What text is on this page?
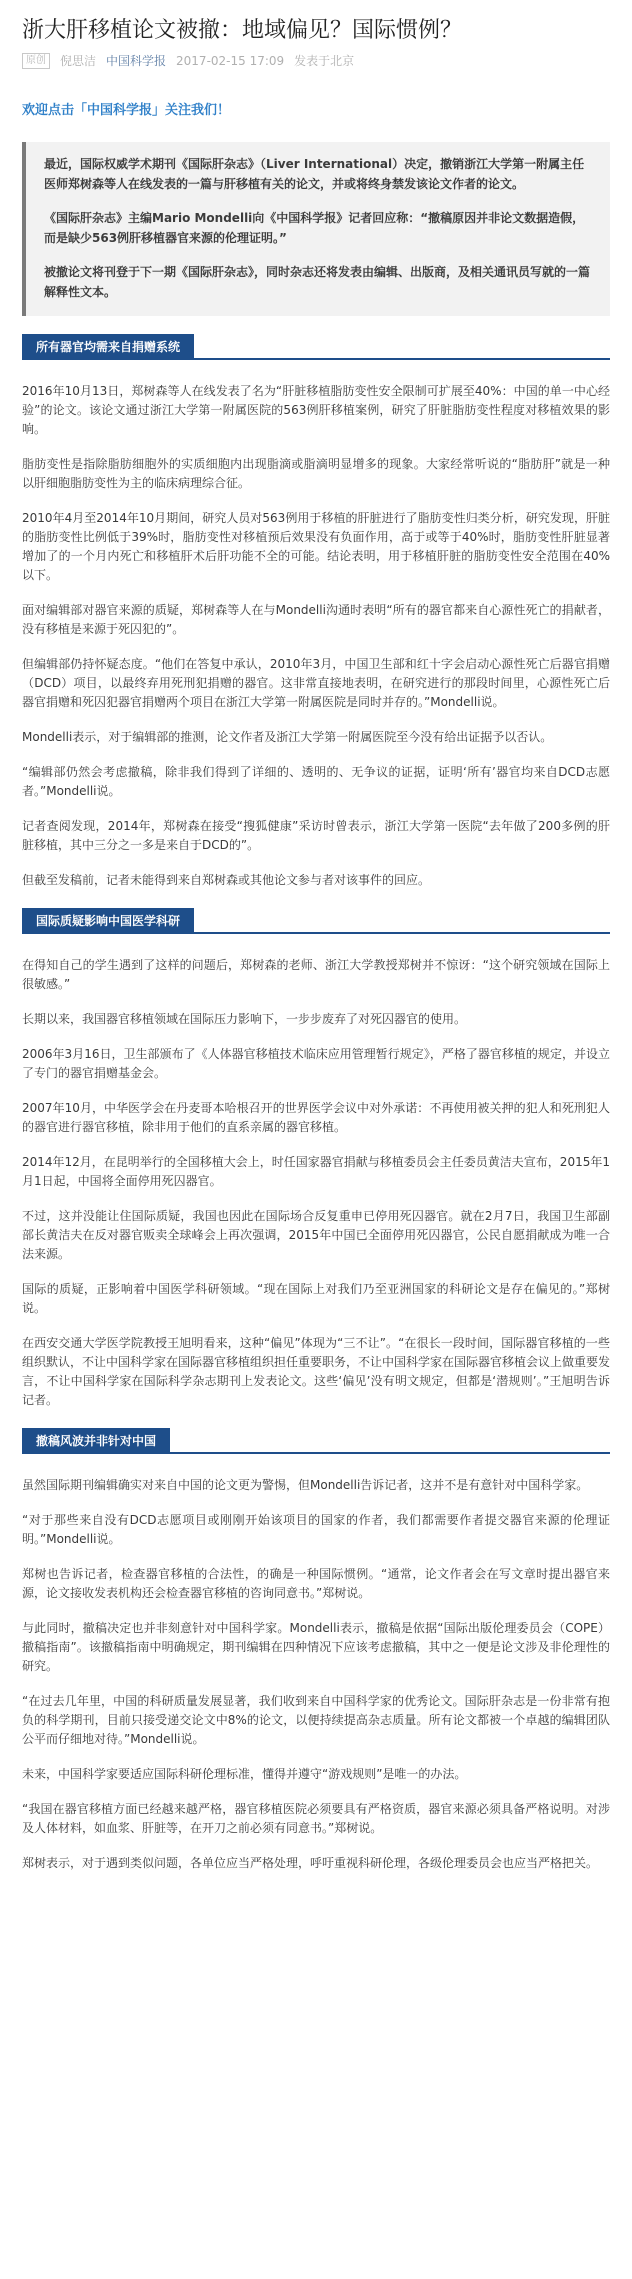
浙大肝移植论文被撤：地域偏见？国际惯例？
原创	倪思洁 中国科学报 2017-02-15 17:09 发表于北京
欢迎点击「中国科学报」关注我们！

最近，国际权威学术期刊《国际肝杂志》（Liver International）决定，撤销浙江大学第一附属主任医师郑树森等人在线发表的一篇与肝移植有关的论文，并或将终身禁发该论文作者的论文。

《国际肝杂志》主编Mario Mondelli向《中国科学报》记者回应称：“撤稿原因并非论文数据造假，而是缺少563例肝移植器官来源的伦理证明。”

被撤论文将刊登于下一期《国际肝杂志》，同时杂志还将发表由编辑、出版商，及相关通讯员写就的一篇解释性文本。

所有器官均需来自捐赠系统

2016年10月13日，郑树森等人在线发表了名为“肝脏移植脂肪变性安全限制可扩展至40%：中国的单一中心经验”的论文。该论文通过浙江大学第一附属医院的563例肝移植案例，研究了肝脏脂肪变性程度对移植效果的影响。

脂肪变性是指除脂肪细胞外的实质细胞内出现脂滴或脂滴明显增多的现象。大家经常听说的“脂肪肝”就是一种以肝细胞脂肪变性为主的临床病理综合征。

2010年4月至2014年10月期间，研究人员对563例用于移植的肝脏进行了脂肪变性归类分析，研究发现，肝脏的脂肪变性比例低于39%时，脂肪变性对移植预后效果没有负面作用，高于或等于40%时，脂肪变性肝脏显著增加了的一个月内死亡和移植肝术后肝功能不全的可能。结论表明，用于移植肝脏的脂肪变性安全范围在40%以下。

面对编辑部对器官来源的质疑，郑树森等人在与Mondelli沟通时表明“所有的器官都来自心源性死亡的捐献者，没有移植是来源于死囚犯的”。

但编辑部仍持怀疑态度。“他们在答复中承认，2010年3月，中国卫生部和红十字会启动心源性死亡后器官捐赠（DCD）项目，以最终弃用死刑犯捐赠的器官。这非常直接地表明，在研究进行的那段时间里，心源性死亡后器官捐赠和死囚犯器官捐赠两个项目在浙江大学第一附属医院是同时并存的。”Mondelli说。

Mondelli表示，对于编辑部的推测，论文作者及浙江大学第一附属医院至今没有给出证据予以否认。

“编辑部仍然会考虑撤稿，除非我们得到了详细的、透明的、无争议的证据，证明‘所有’器官均来自DCD志愿者。”Mondelli说。

记者查阅发现，2014年，郑树森在接受“搜狐健康”采访时曾表示，浙江大学第一医院“去年做了200多例的肝脏移植，其中三分之一多是来自于DCD的”。

但截至发稿前，记者未能得到来自郑树森或其他论文参与者对该事件的回应。

国际质疑影响中国医学科研

在得知自己的学生遇到了这样的问题后，郑树森的老师、浙江大学教授郑树并不惊讶：“这个研究领域在国际上很敏感。”

长期以来，我国器官移植领域在国际压力影响下，一步步废弃了对死囚器官的使用。

2006年3月16日，卫生部颁布了《人体器官移植技术临床应用管理暂行规定》，严格了器官移植的规定，并设立了专门的器官捐赠基金会。

2007年10月，中华医学会在丹麦哥本哈根召开的世界医学会议中对外承诺：不再使用被关押的犯人和死刑犯人的器官进行器官移植，除非用于他们的直系亲属的器官移植。

2014年12月，在昆明举行的全国移植大会上，时任国家器官捐献与移植委员会主任委员黄洁夫宣布，2015年1月1日起，中国将全面停用死囚器官。

不过，这并没能让住国际质疑，我国也因此在国际场合反复重申已停用死囚器官。就在2月7日，我国卫生部副部长黄洁夫在反对器官贩卖全球峰会上再次强调，2015年中国已全面停用死囚器官，公民自愿捐献成为唯一合法来源。

国际的质疑，正影响着中国医学科研领域。“现在国际上对我们乃至亚洲国家的科研论文是存在偏见的。”郑树说。

在西安交通大学医学院教授王旭明看来，这种“偏见”体现为“三不让”。“在很长一段时间，国际器官移植的一些组织默认，不让中国科学家在国际器官移植组织担任重要职务，不让中国科学家在国际器官移植会议上做重要发言，不让中国科学家在国际科学杂志期刊上发表论文。这些‘偏见’没有明文规定，但都是‘潜规则’。”王旭明告诉记者。

撤稿风波并非针对中国

虽然国际期刊编辑确实对来自中国的论文更为警惕，但Mondelli告诉记者，这并不是有意针对中国科学家。

“对于那些来自没有DCD志愿项目或刚刚开始该项目的国家的作者，我们都需要作者提交器官来源的伦理证明。”Mondelli说。

郑树也告诉记者，检查器官移植的合法性，的确是一种国际惯例。“通常，论文作者会在写文章时提出器官来源，论文接收发表机构还会检查器官移植的咨询同意书。”郑树说。

与此同时，撤稿决定也并非刻意针对中国科学家。Mondelli表示，撤稿是依据“国际出版伦理委员会（COPE）撤稿指南”。该撤稿指南中明确规定，期刊编辑在四种情况下应该考虑撤稿，其中之一便是论文涉及非伦理性的研究。

“在过去几年里，中国的科研质量发展显著，我们收到来自中国科学家的优秀论文。国际肝杂志是一份非常有抱负的科学期刊，目前只接受递交论文中8%的论文，以便持续提高杂志质量。所有论文都被一个卓越的编辑团队公平而仔细地对待。”Mondelli说。

未来，中国科学家要适应国际科研伦理标准，懂得并遵守“游戏规则”是唯一的办法。

“我国在器官移植方面已经越来越严格，器官移植医院必须要具有严格资质，器官来源必须具备严格说明。对涉及人体材料，如血浆、肝脏等，在开刀之前必须有同意书。”郑树说。

郑树表示，对于遇到类似问题，各单位应当严格处理，呼吁重视科研伦理，各级伦理委员会也应当严格把关。
